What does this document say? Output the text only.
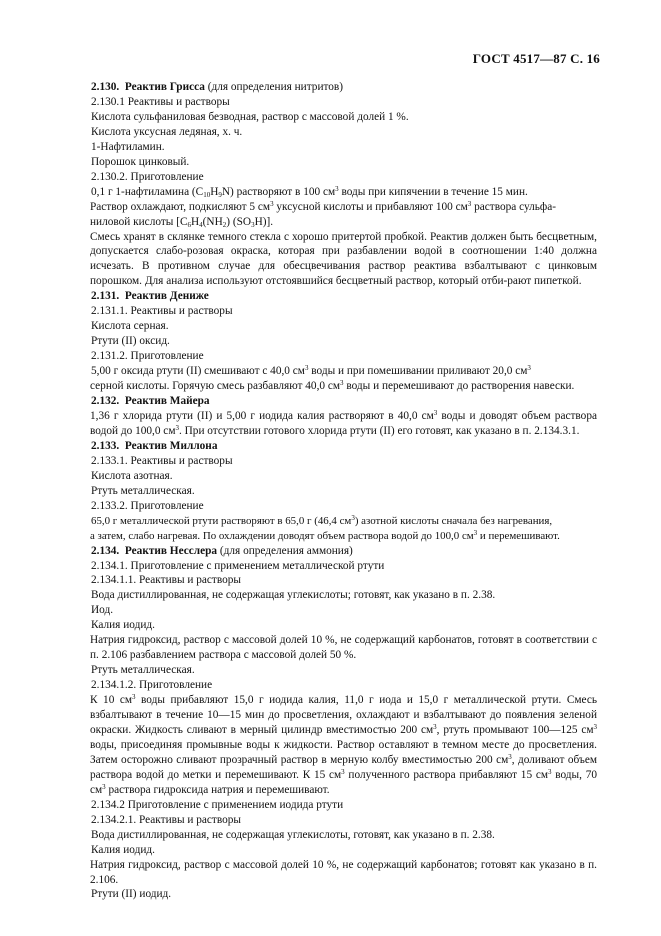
ГОСТ 4517—87 С. 16

2.130. Реактив Грисса (для определения нитритов)

2.130.1 Реактивы и растворы

Кислота сульфаниловая безводная, раствор с массовой долей 1 %.

Кислота уксусная ледяная, х. ч.

1-Нафтиламин.

Порошок цинковый.

2.130.2. Приготовление

0,1 г 1-нафтиламина $(C_{10}H_9N)$ растворяют в 100 $см^3$ воды при кипячении в течение 15 мин.

Раствор охлаждают, подкисляют 5 $см^3$ уксусной кислоты и прибавляют 100 $см^3$ раствора сульфа-

ниловой кислоты [$C_6H_4(NH_2)$ $(SO_3H)$].

Смесь хранят в склянке темного стекла с хорошо притертой пробкой. Реактив должен быть бесцветным, допускается слабо-розовая окраска, которая при разбавлении водой в соотношении 1:40 должна исчезать. В противном случае для обесцвечивания раствор реактива взбалтывают с цинковым порошком. Для анализа используют отстоявшийся бесцветный раствор, который отби-рают пипеткой.

2.131. Реактив Дениже

2.131.1. Реактивы и растворы

Кислота серная.

Ртути (II) оксид.

2.131.2. Приготовление

5,00 г оксида ртути (II) смешивают с 40,0 $см^3$ воды и при помешивании приливают 20,0 $см^3$

серной кислоты. Горячую смесь разбавляют 40,0 $см^3$ воды и перемешивают до растворения навески.

2.132. Реактив Майера

1,36 г хлорида ртути (II) и 5,00 г иодида калия растворяют в 40,0 $см^3$ воды и доводят объем раствора водой до 100,0 $см^3$. При отсутствии готового хлорида ртути (II) его готовят, как указано в п. 2.134.3.1.

2.133. Реактив Миллона

2.133.1. Реактивы и растворы

Кислота азотная.

Ртуть металлическая.

2.133.2. Приготовление

65,0 г металлической ртути растворяют в 65,0 г (46,4 $см^3$) азотной кислоты сначала без нагревания,

а затем, слабо нагревая. По охлаждении доводят объем раствора водой до 100,0 $см^3$ и перемешивают.

2.134. Реактив Несслера (для определения аммония)

2.134.1. Приготовление с применением металлической ртути

2.134.1.1. Реактивы и растворы

Вода дистиллированная, не содержащая углекислоты; готовят, как указано в п. 2.38.

Иод.

Калия иодид.

Натрия гидроксид, раствор с массовой долей 10 %, не содержащий карбонатов, готовят в соответствии с п. 2.106 разбавлением раствора с массовой долей 50 %.

Ртуть металлическая.

2.134.1.2. Приготовление

К 10 $см^3$ воды прибавляют 15,0 г иодида калия, 11,0 г иода и 15,0 г металлической ртути. Смесь взбалтывают в течение 10—15 мин до просветления, охлаждают и взбалтывают до появления зеленой окраски. Жидкость сливают в мерный цилиндр вместимостью 200 $см^3$, ртуть промывают 100—125 $см^3$ воды, присоединяя промывные воды к жидкости. Раствор оставляют в темном месте до просветления. Затем осторожно сливают прозрачный раствор в мерную колбу вместимостью 200 $см^3$, доливают объем раствора водой до метки и перемешивают. К 15 $см^3$ полученного раствора прибавляют 15 $см^3$ воды, 70 $см^3$ раствора гидроксида натрия и перемешивают.

2.134.2 Приготовление с применением иодида ртути

2.134.2.1. Реактивы и растворы

Вода дистиллированная, не содержащая углекислоты, готовят, как указано в п. 2.38.

Калия иодид.

Натрия гидроксид, раствор с массовой долей 10 %, не содержащий карбонатов; готовят как указано в п. 2.106.

Ртути (II) иодид.
